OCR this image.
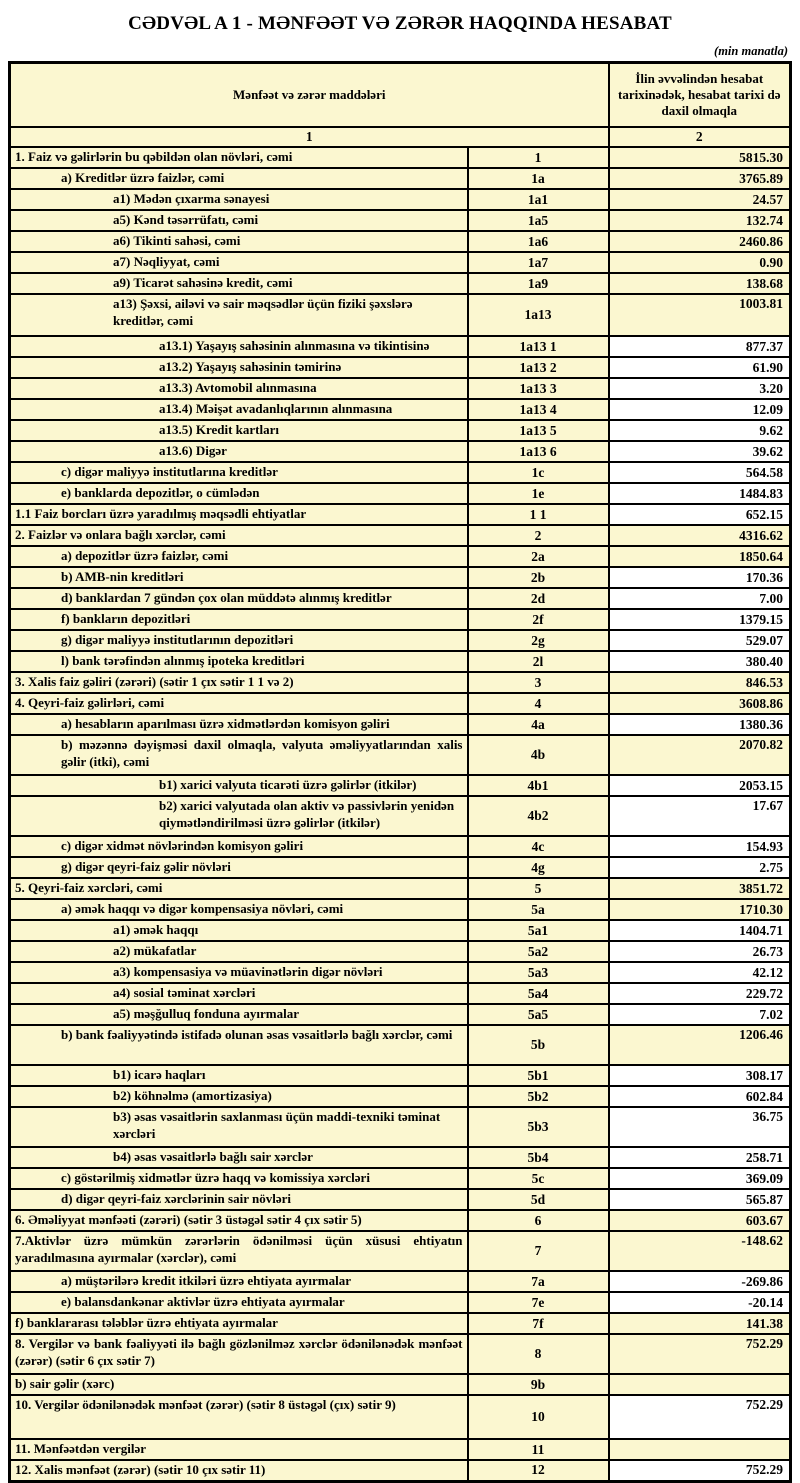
CƏDVƏL A 1 - MƏNFƏƏT VƏ ZƏRƏR HAQQINDA HESABAT
(min manatla)
Mənfəət və zərər maddələri		İlin əvvəlindən hesabat tarixinədək, hesabat tarixi də daxil olmaqla
1		2
1. Faiz və gəlirlərin bu qəbildən olan növləri, cəmi	1	5815.30
a) Kreditlər üzrə faizlər, cəmi	1a	3765.89
a1) Mədən çıxarma sənayesi	1a1	24.57
a5) Kənd təsərrüfatı, cəmi	1a5	132.74
a6) Tikinti sahəsi, cəmi	1a6	2460.86
a7) Nəqliyyat, cəmi	1a7	0.90
a9) Ticarət sahəsinə kredit, cəmi	1a9	138.68
a13) Şəxsi, ailəvi və sair məqsədlər üçün fiziki şəxslərə kreditlər, cəmi	1a13	1003.81
a13.1) Yaşayış sahəsinin alınmasına və tikintisinə	1a13 1	877.37
a13.2) Yaşayış sahəsinin təmirinə	1a13 2	61.90
a13.3) Avtomobil alınmasına	1a13 3	3.20
a13.4) Məişət avadanlıqlarının alınmasına	1a13 4	12.09
a13.5) Kredit kartları	1a13 5	9.62
a13.6) Digər	1a13 6	39.62
c) digər maliyyə institutlarına kreditlər	1c	564.58
e) banklarda depozitlər, o cümlədən	1e	1484.83
1.1 Faiz borcları üzrə yaradılmış məqsədli ehtiyatlar	1 1	652.15
2. Faizlər və onlara bağlı xərclər, cəmi	2	4316.62
a) depozitlər üzrə faizlər, cəmi	2a	1850.64
b) AMB-nin kreditləri	2b	170.36
d) banklardan 7 gündən çox olan müddətə alınmış kreditlər	2d	7.00
f) bankların depozitləri	2f	1379.15
g) digər maliyyə institutlarının depozitləri	2g	529.07
l) bank tərəfindən alınmış ipoteka kreditləri	2l	380.40
3. Xalis faiz gəliri (zərəri) (sətir 1 çıx sətir 1 1 və 2)	3	846.53
4. Qeyri-faiz gəlirləri, cəmi	4	3608.86
a) hesabların aparılması üzrə xidmətlərdən komisyon gəliri	4a	1380.36
b) məzənnə dəyişməsi daxil olmaqla, valyuta əməliyyatlarından xalis gəlir (itki), cəmi	4b	2070.82
b1) xarici valyuta ticarəti üzrə gəlirlər (itkilər)	4b1	2053.15
b2) xarici valyutada olan aktiv və passivlərin yenidən qiymətləndirilməsi üzrə gəlirlər (itkilər)	4b2	17.67
c) digər xidmət növlərindən komisyon gəliri	4c	154.93
g) digər qeyri-faiz gəlir növləri	4g	2.75
5. Qeyri-faiz xərcləri, cəmi	5	3851.72
a) əmək haqqı və digər kompensasiya növləri, cəmi	5a	1710.30
a1) əmək haqqı	5a1	1404.71
a2) mükafatlar	5a2	26.73
a3) kompensasiya və müavinətlərin digər növləri	5a3	42.12
a4) sosial təminat xərcləri	5a4	229.72
a5) məşğulluq fonduna ayırmalar	5a5	7.02
b) bank fəaliyyətində istifadə olunan əsas vəsaitlərlə bağlı xərclər, cəmi	5b	1206.46
b1) icarə haqları	5b1	308.17
b2) köhnəlmə (amortizasiya)	5b2	602.84
b3) əsas vəsaitlərin saxlanması üçün maddi-texniki təminat xərcləri	5b3	36.75
b4) əsas vəsaitlərlə bağlı sair xərclər	5b4	258.71
c) göstərilmiş xidmətlər üzrə haqq və komissiya xərcləri	5c	369.09
d) digər qeyri-faiz xərclərinin sair növləri	5d	565.87
6. Əməliyyat mənfəəti (zərəri) (sətir 3 üstəgəl sətir 4 çıx sətir 5)	6	603.67
7.Aktivlər üzrə mümkün zərərlərin ödənilməsi üçün xüsusi ehtiyatın yaradılmasına ayırmalar (xərclər), cəmi	7	-148.62
a) müştərilərə kredit itkiləri üzrə ehtiyata ayırmalar	7a	-269.86
e) balansdankənar aktivlər üzrə ehtiyata ayırmalar	7e	-20.14
f) banklararası tələblər üzrə ehtiyata ayırmalar	7f	141.38
8. Vergilər və bank fəaliyyəti ilə bağlı gözlənilməz xərclər ödənilənədək mənfəət (zərər) (sətir 6 çıx sətir 7)	8	752.29
b) sair gəlir (xərc)	9b	
10. Vergilər ödənilənədək mənfəət (zərər) (sətir 8 üstəgəl (çıx) sətir 9)	10	752.29
11. Mənfəətdən vergilər	11	
12. Xalis mənfəət (zərər) (sətir 10 çıx sətir 11)	12	752.29
